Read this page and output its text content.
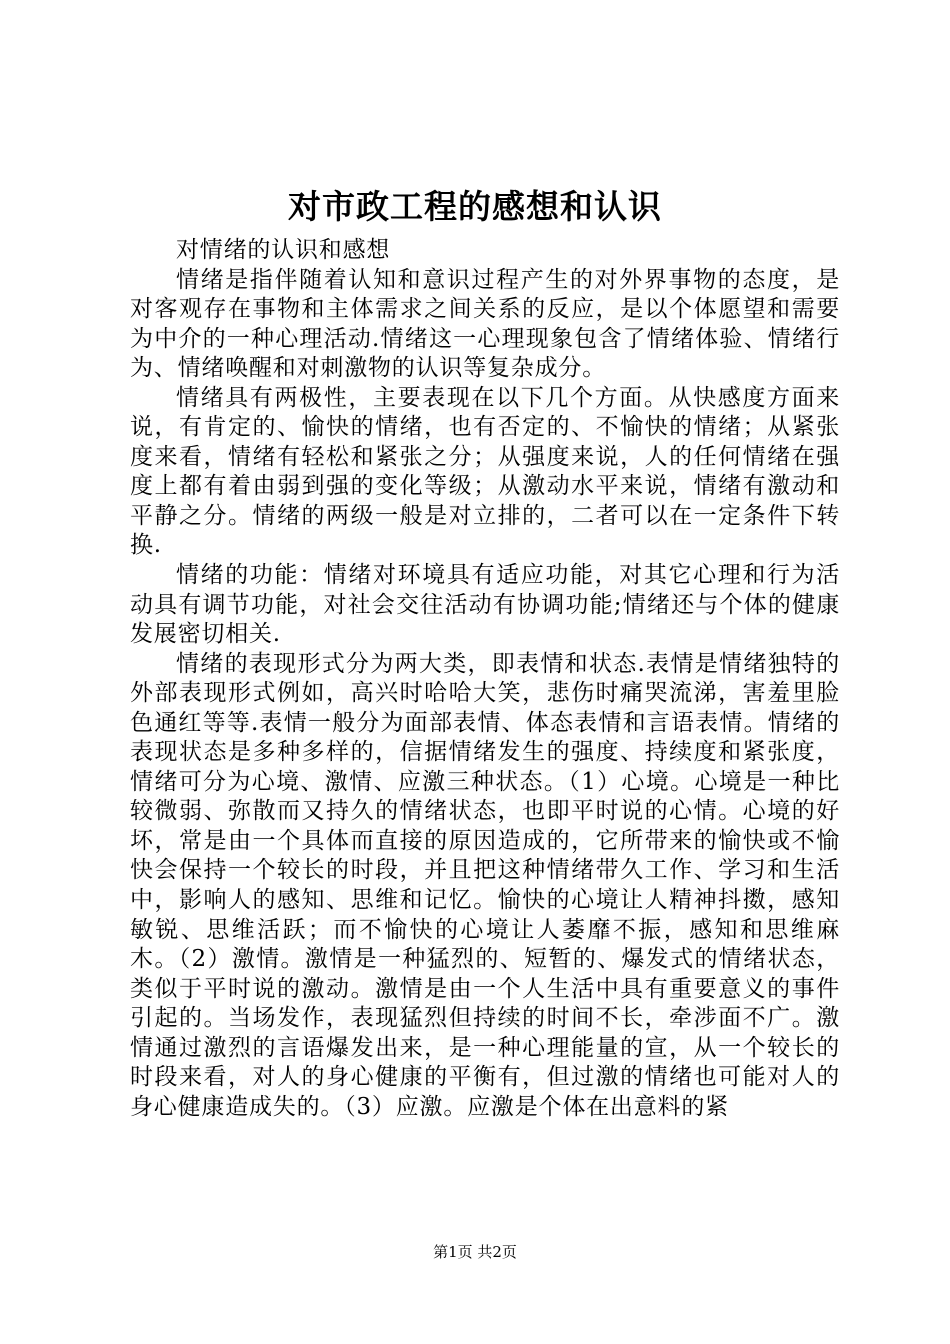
对市政工程的感想和认识

对情绪的认识和感想

情绪是指伴随着认知和意识过程产生的对外界事物的态度，是对客观存在事物和主体需求之间关系的反应，是以个体愿望和需要为中介的一种心理活动.情绪这一心理现象包含了情绪体验、情绪行为、情绪唤醒和对刺激物的认识等复杂成分。

情绪具有两极性，主要表现在以下几个方面。从快感度方面来说，有肯定的、愉快的情绪，也有否定的、不愉快的情绪；从紧张度来看，情绪有轻松和紧张之分；从强度来说，人的任何情绪在强度上都有着由弱到强的变化等级；从激动水平来说，情绪有激动和平静之分。情绪的两级一般是对立排的，二者可以在一定条件下转换.

情绪的功能：情绪对环境具有适应功能，对其它心理和行为活动具有调节功能，对社会交往活动有协调功能;情绪还与个体的健康发展密切相关.

情绪的表现形式分为两大类，即表情和状态.表情是情绪独特的外部表现形式例如，高兴时哈哈大笑，悲伤时痛哭流涕，害羞里脸色通红等等.表情一般分为面部表情、体态表情和言语表情。情绪的表现状态是多种多样的，信据情绪发生的强度、持续度和紧张度，情绪可分为心境、激情、应激三种状态。（1）心境。心境是一种比较微弱、弥散而又持久的情绪状态，也即平时说的心情。心境的好坏，常是由一个具体而直接的原因造成的，它所带来的愉快或不愉快会保持一个较长的时段，并且把这种情绪带久工作、学习和生活中，影响人的感知、思维和记忆。愉快的心境让人精神抖擞，感知敏锐、思维活跃；而不愉快的心境让人萎靡不振，感知和思维麻木。（2）激情。激情是一种猛烈的、短暂的、爆发式的情绪状态，类似于平时说的激动。激情是由一个人生活中具有重要意义的事件引起的。当场发作，表现猛烈但持续的时间不长，牵涉面不广。激情通过激烈的言语爆发出来，是一种心理能量的宣，从一个较长的时段来看，对人的身心健康的平衡有，但过激的情绪也可能对人的身心健康造成失的。（3）应激。应激是个体在出意料的紧

第1页 共2页
